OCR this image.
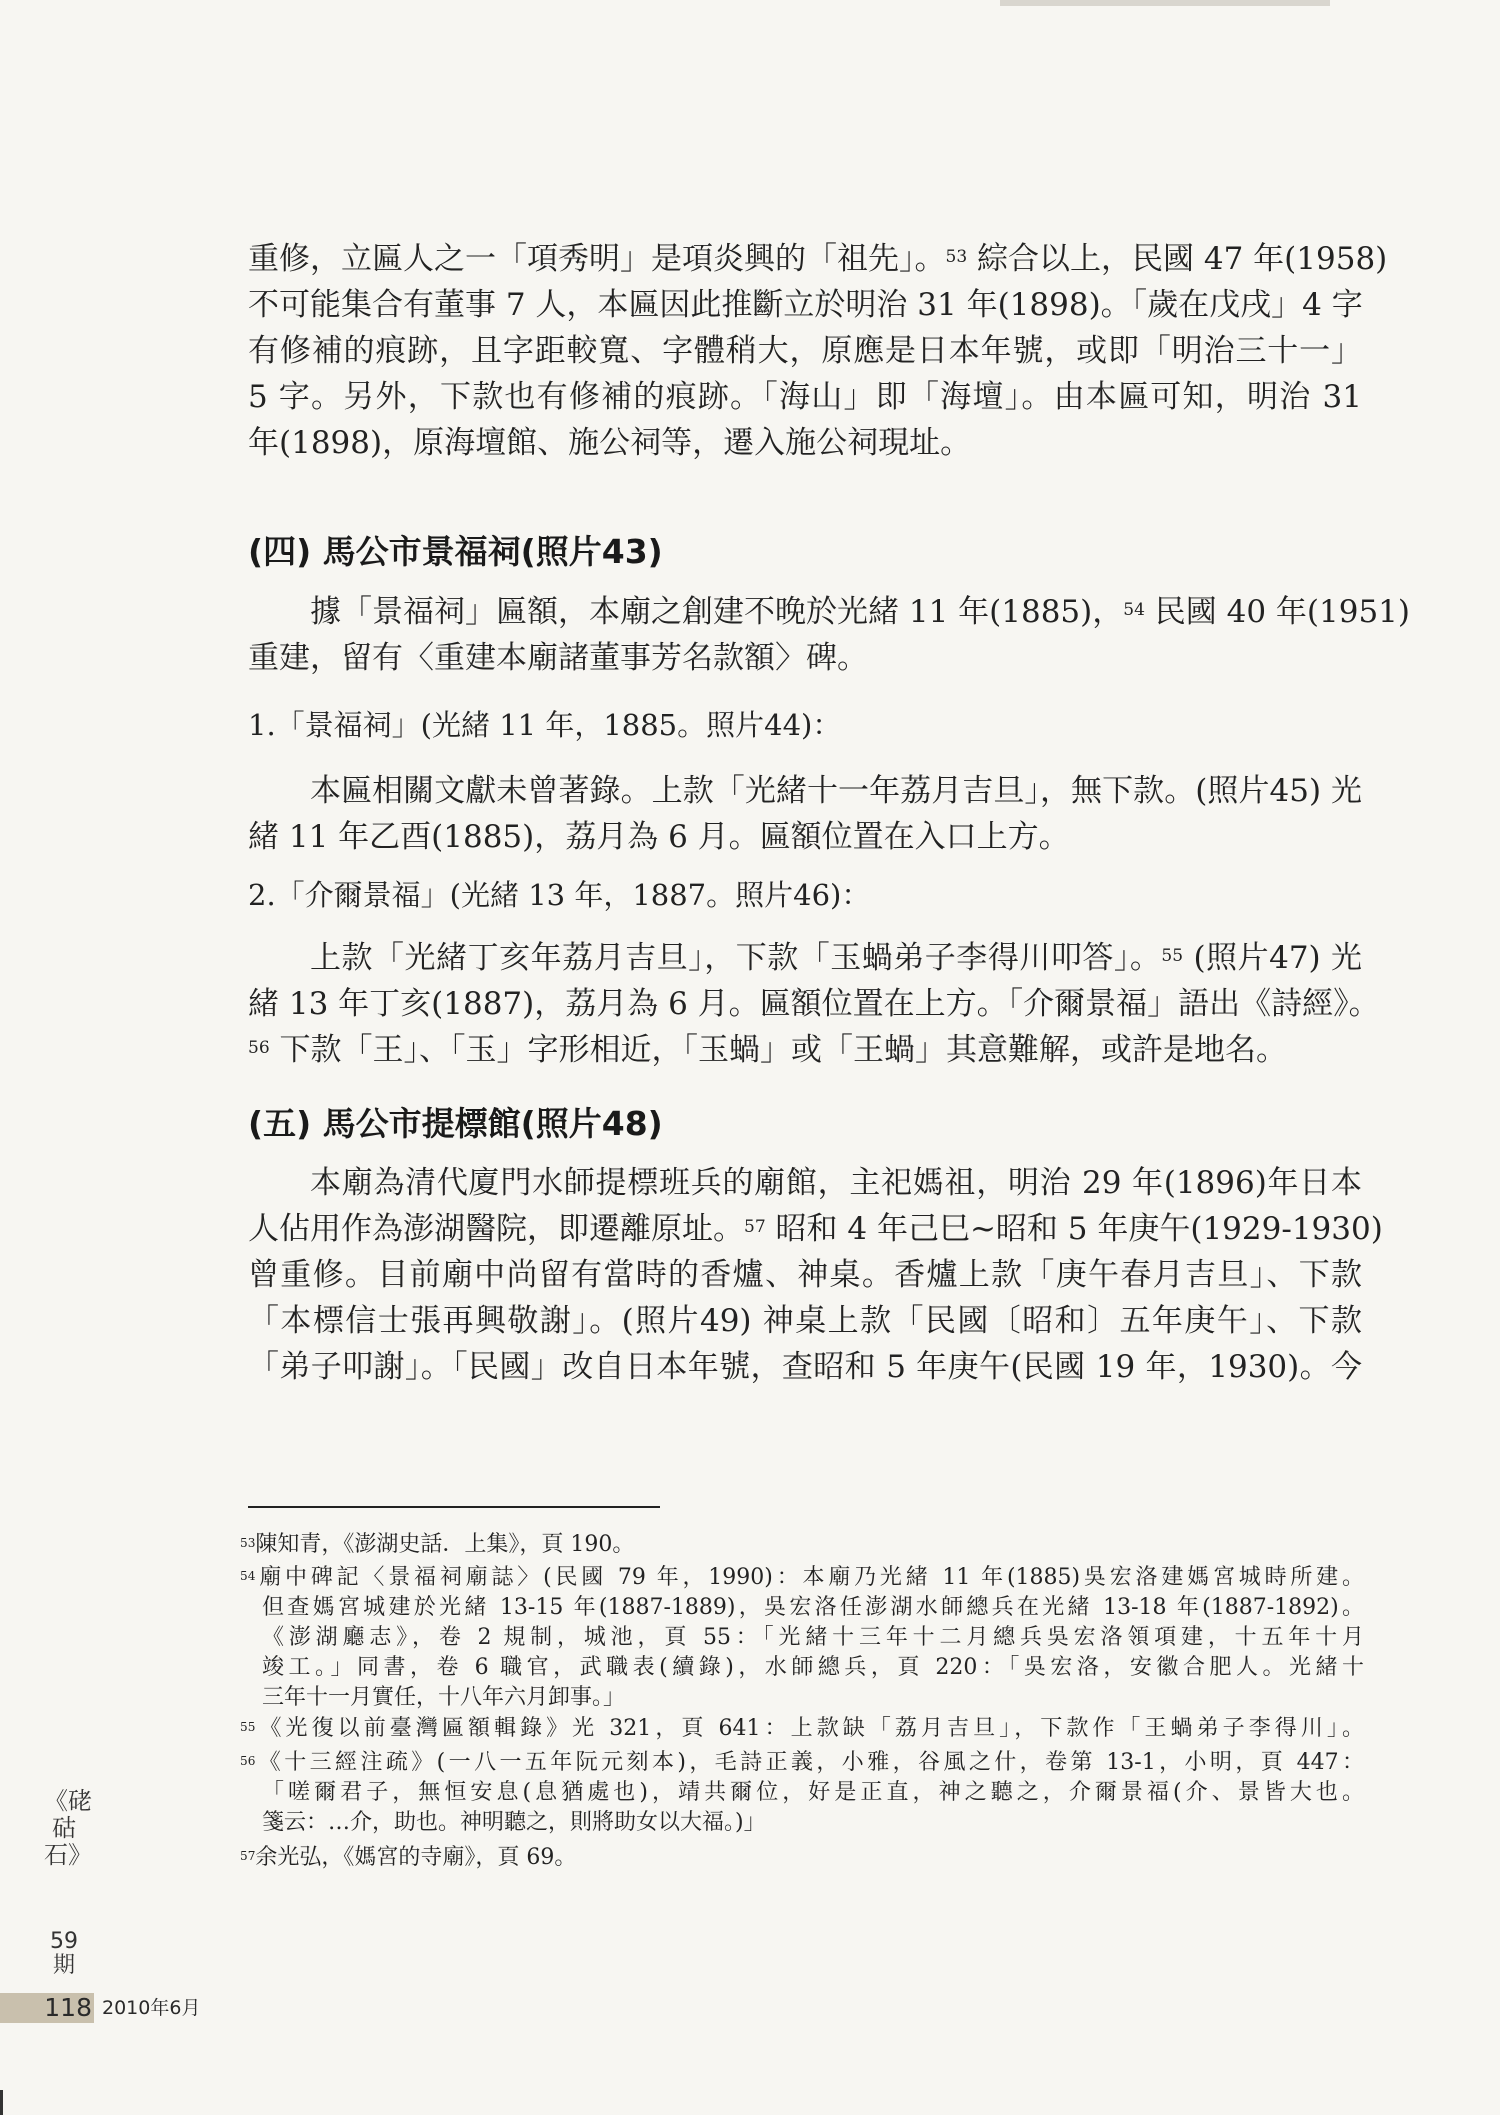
重修，立匾人之一「項秀明」是項炎興的「祖先」。$^{53}$ 綜合以上，民國 47 年(1958)
不可能集合有董事 7 人，本匾因此推斷立於明治 31 年(1898)。「歲在戊戌」4 字
有修補的痕跡，且字距較寬、字體稍大，原應是日本年號，或即「明治三十一」
5 字。另外，下款也有修補的痕跡。「海山」即「海壇」。由本匾可知，明治 31
年(1898)，原海壇館、施公祠等，遷入施公祠現址。
(四) 馬公市景福祠(照片43)
據「景福祠」匾額，本廟之創建不晚於光緒 11 年(1885)，$^{54}$ 民國 40 年(1951)
重建，留有〈重建本廟諸董事芳名款額〉碑。
1.「景福祠」(光緒 11 年，1885。照片44)：
本匾相關文獻未曾著錄。上款「光緒十一年荔月吉旦」，無下款。(照片45) 光
緒 11 年乙酉(1885)，荔月為 6 月。匾額位置在入口上方。
2.「介爾景福」(光緒 13 年，1887。照片46)：
上款「光緒丁亥年荔月吉旦」，下款「玉蝸弟子李得川叩答」。$^{55}$ (照片47) 光
緒 13 年丁亥(1887)，荔月為 6 月。匾額位置在上方。「介爾景福」語出《詩經》。
$^{56}$ 下款「王」、「玉」字形相近，「玉蝸」或「王蝸」其意難解，或許是地名。
(五) 馬公市提標館(照片48)
本廟為清代廈門水師提標班兵的廟館，主祀媽祖，明治 29 年(1896)年日本
人佔用作為澎湖醫院，即遷離原址。$^{57}$ 昭和 4 年己巳~昭和 5 年庚午(1929-1930)
曾重修。目前廟中尚留有當時的香爐、神桌。香爐上款「庚午春月吉旦」、下款
「本標信士張再興敬謝」。(照片49) 神桌上款「民國〔昭和〕五年庚午」、下款
「弟子叩謝」。「民國」改自日本年號，查昭和 5 年庚午(民國 19 年，1930)。今
$^{53}$陳知青，《澎湖史話．上集》，頁 190。
$^{54}$廟中碑記〈景福祠廟誌〉(民國 79 年，1990)：本廟乃光緒 11 年(1885)吳宏洛建媽宮城時所建。
但查媽宮城建於光緒 13-15 年(1887-1889)，吳宏洛任澎湖水師總兵在光緒 13-18 年(1887-1892)。
《澎湖廳志》，卷 2 規制，城池，頁 55：「光緒十三年十二月總兵吳宏洛領項建，十五年十月
竣工。」同書，卷 6 職官，武職表(續錄)，水師總兵，頁 220：「吳宏洛，安徽合肥人。光緒十
三年十一月實任，十八年六月卸事。」
$^{55}$《光復以前臺灣匾額輯錄》光 321，頁 641：上款缺「荔月吉旦」，下款作「王蝸弟子李得川」。
$^{56}$《十三經注疏》(一八一五年阮元刻本)，毛詩正義，小雅，谷風之什，卷第 13-1，小明，頁 447：
「嗟爾君子，無恒安息(息猶處也)，靖共爾位，好是正直，神之聽之，介爾景福(介、景皆大也。
箋云：…介，助也。神明聽之，則將助女以大福。)」
$^{57}$余光弘，《媽宮的寺廟》，頁 69。
《硓𥑮石》
59期
118 2010年6月
